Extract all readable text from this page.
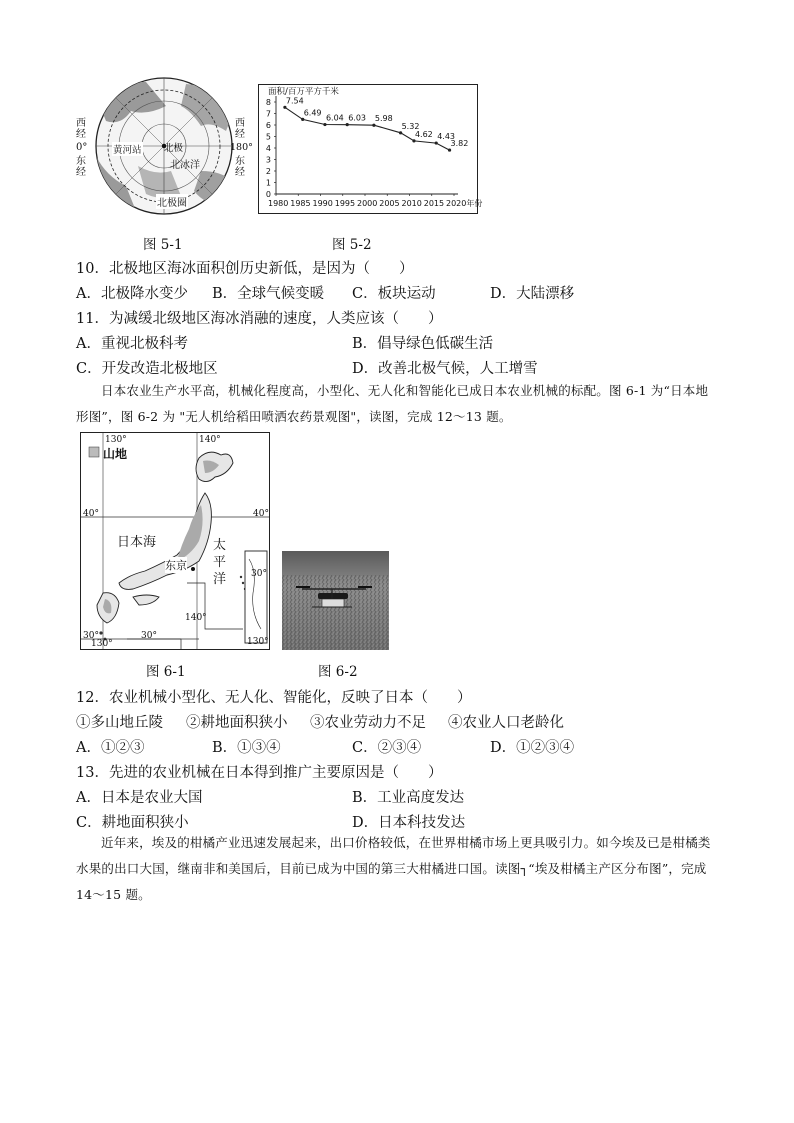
西
经
0°
东
经
西
经
180°
东
经
黄河站 北极
北冰洋
北极圈
图 5-1
面积/百万平方千米
0
1
2
3
4
5
6
7
8
1980 1985 1990 1995 2000 2005 2010 2015 2020年份
7.54
6.49
6.04 6.03 5.98
5.32
4.62 4.43
3.82
图 5-2
10．北极地区海冰面积创历史新低，是因为（　　）
A．北极降水变少 B．全球气候变暖 C．板块运动	D．大陆漂移
11．为减缓北级地区海冰消融的速度，人类应该（　　）
A．重视北极科考	B．倡导绿色低碳生活
C．开发改造北极地区	D．改善北极气候，人工增雪
日本农业生产水平高，机械化程度高，小型化、无人化和智能化已成日本农业机械的标配。图 6-1 为“日本地形图”，图 6-2 为 "无人机给稻田喷洒农药景观图"，读图，完成 12～13 题。
山地
130°	140°
40°	40°
日本海
东京
太
平
洋
30°
130°
30°
140°
30°
130°
图 6-1	图 6-2
12．农业机械小型化、无人化、智能化，反映了日本（　　）
①多山地丘陵 ②耕地面积狭小 ③农业劳动力不足 ④农业人口老龄化
A．①②③	B．①③④	C．②③④	D．①②③④
13．先进的农业机械在日本得到推广主要原因是（　　）
A．日本是农业大国	B．工业高度发达
C．耕地面积狭小	D．日本科技发达
近年来，埃及的柑橘产业迅速发展起来，出口价格较低，在世界柑橘市场上更具吸引力。如今埃及已是柑橘类水果的出口大国，继南非和美国后，目前已成为中国的第三大柑橘进口国。读图┐“埃及柑橘主产区分布图”，完成 14～15 题。
